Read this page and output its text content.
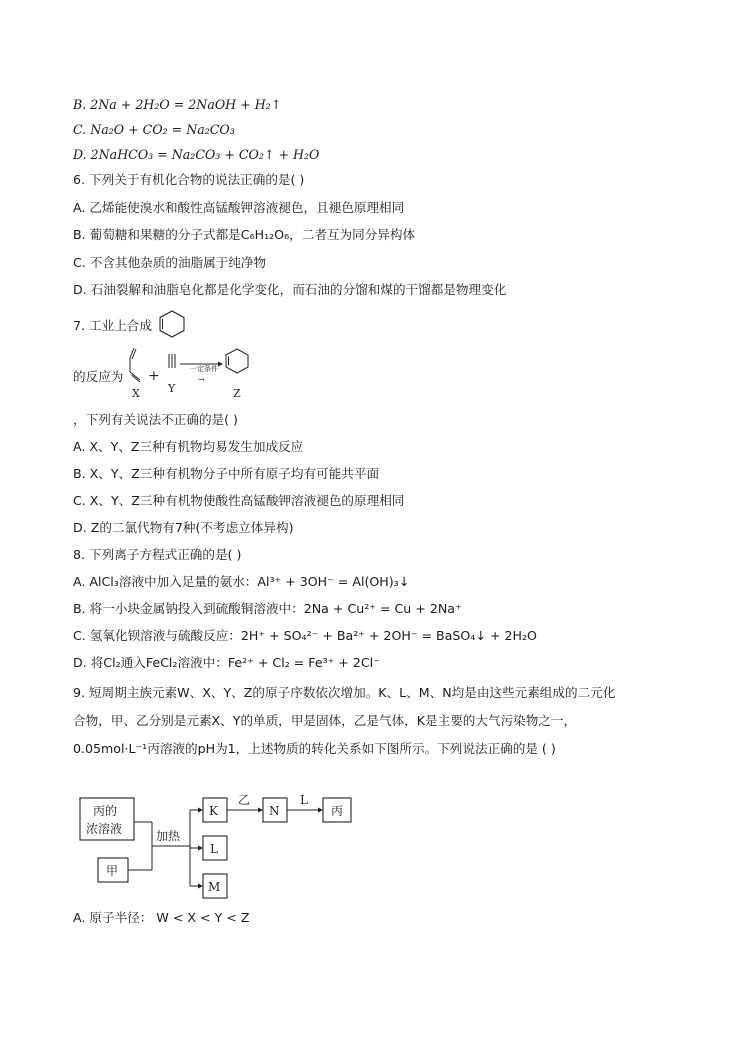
B. 2Na + 2H₂O = 2NaOH + H₂↑
C. Na₂O + CO₂ = Na₂CO₃
D. 2NaHCO₃ = Na₂CO₃ + CO₂↑ + H₂O
6. 下列关于有机化合物的说法正确的是( )
A. 乙烯能使溴水和酸性高锰酸钾溶液褪色，且褪色原理相同
B. 葡萄糖和果糖的分子式都是C₆H₁₂O₆，二者互为同分异构体
C. 不含其他杂质的油脂属于纯净物
D. 石油裂解和油脂皂化都是化学变化，而石油的分馏和煤的干馏都是物理变化
7. 工业上合成
的反应为
X
+
Y
一定条件
→
Z
，下列有关说法不正确的是( )
A. X、Y、Z三种有机物均易发生加成反应
B. X、Y、Z三种有机物分子中所有原子均有可能共平面
C. X、Y、Z三种有机物使酸性高锰酸钾溶液褪色的原理相同
D. Z的二氯代物有7种(不考虑立体异构)
8. 下列离子方程式正确的是( )
A. AlCl₃溶液中加入足量的氨水：Al³⁺ + 3OH⁻ = Al(OH)₃↓
B. 将一小块金属钠投入到硫酸铜溶液中：2Na + Cu²⁺ = Cu + 2Na⁺
C. 氢氧化钡溶液与硫酸反应：2H⁺ + SO₄²⁻ + Ba²⁺ + 2OH⁻ = BaSO₄↓ + 2H₂O
D. 将Cl₂通入FeCl₂溶液中：Fe²⁺ + Cl₂ = Fe³⁺ + 2Cl⁻
9. 短周期主族元素W、X、Y、Z的原子序数依次增加。K、L、M、N均是由这些元素组成的二元化
合物，甲、乙分别是元素X、Y的单质，甲是固体，乙是气体，K是主要的大气污染物之一，
0.05mol·L⁻¹丙溶液的pH为1，上述物质的转化关系如下图所示。下列说法正确的是 ( )
丙的
浓溶液
甲
加热
K
L
M
乙
N
L
丙
A. 原子半径： W < X < Y < Z
